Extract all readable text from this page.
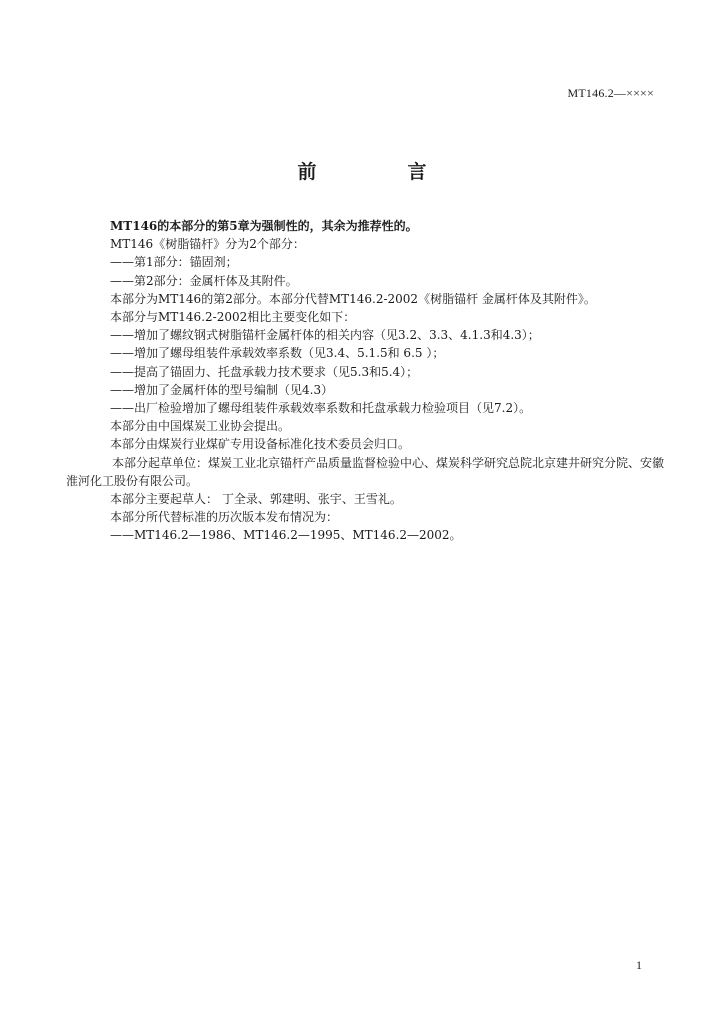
MT146.2—××××
前　言

MT146的本部分的第5章为强制性的，其余为推荐性的。

MT146《树脂锚杆》分为2个部分：

——第1部分：锚固剂；

——第2部分：金属杆体及其附件。

本部分为MT146的第2部分。本部分代替MT146.2-2002《树脂锚杆 金属杆体及其附件》。

本部分与MT146.2-2002相比主要变化如下：

——增加了螺纹钢式树脂锚杆金属杆体的相关内容（见3.2、3.3、4.1.3和4.3）；

——增加了螺母组装件承载效率系数（见3.4、5.1.5和 6.5 ）；

——提高了锚固力、托盘承载力技术要求（见5.3和5.4）；

——增加了金属杆体的型号编制（见4.3）

——出厂检验增加了螺母组装件承载效率系数和托盘承载力检验项目（见7.2）。

本部分由中国煤炭工业协会提出。

本部分由煤炭行业煤矿专用设备标准化技术委员会归口。

本部分起草单位：煤炭工业北京锚杆产品质量监督检验中心、煤炭科学研究总院北京建井研究分院、安徽淮河化工股份有限公司。

本部分主要起草人： 丁全录、郭建明、张宇、王雪礼。

本部分所代替标准的历次版本发布情况为：

——MT146.2—1986、MT146.2—1995、MT146.2—2002。

1
